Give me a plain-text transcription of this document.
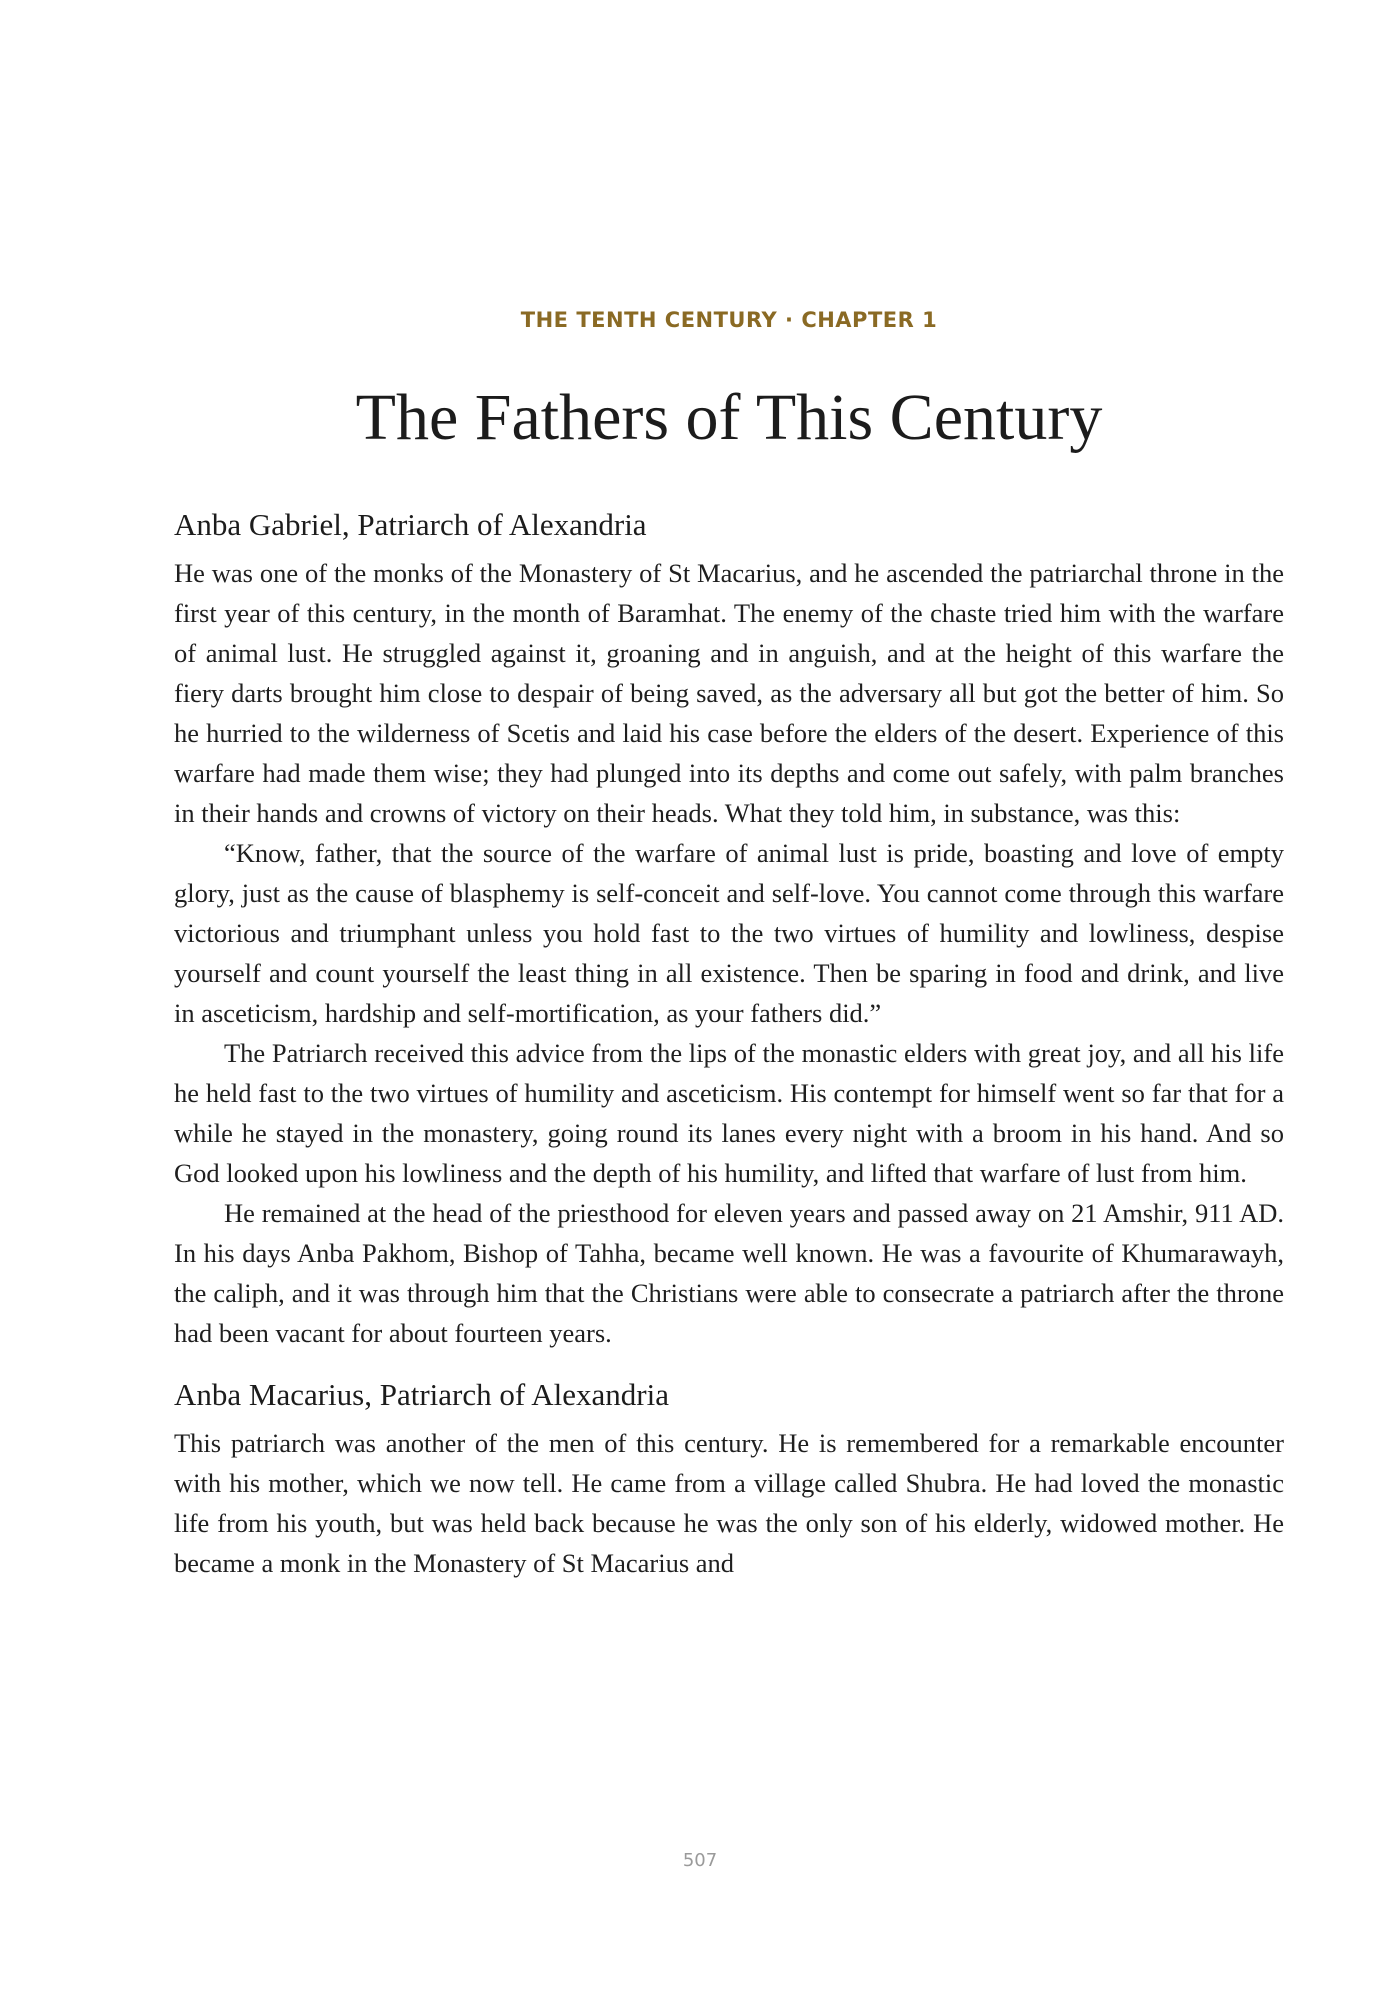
THE TENTH CENTURY · CHAPTER 1
The Fathers of This Century
Anba Gabriel, Patriarch of Alexandria

He was one of the monks of the Monastery of St Macarius, and he ascended the patriarchal throne in the first year of this century, in the month of Baramhat. The enemy of the chaste tried him with the warfare of animal lust. He struggled against it, groaning and in anguish, and at the height of this warfare the fiery darts brought him close to despair of being saved, as the adversary all but got the better of him. So he hurried to the wilderness of Scetis and laid his case before the elders of the desert. Experience of this warfare had made them wise; they had plunged into its depths and come out safely, with palm branches in their hands and crowns of victory on their heads. What they told him, in substance, was this:

“Know, father, that the source of the warfare of animal lust is pride, boasting and love of empty glory, just as the cause of blasphemy is self-conceit and self-love. You cannot come through this warfare victorious and triumphant unless you hold fast to the two virtues of humility and lowliness, despise yourself and count yourself the least thing in all existence. Then be sparing in food and drink, and live in asceticism, hardship and self-mortification, as your fathers did.”

The Patriarch received this advice from the lips of the monastic elders with great joy, and all his life he held fast to the two virtues of humility and asceticism. His contempt for himself went so far that for a while he stayed in the monastery, going round its lanes every night with a broom in his hand. And so God looked upon his lowliness and the depth of his humility, and lifted that warfare of lust from him.

He remained at the head of the priesthood for eleven years and passed away on 21 Amshir, 911 AD. In his days Anba Pakhom, Bishop of Tahha, became well known. He was a favourite of Khumarawayh, the caliph, and it was through him that the Christians were able to consecrate a patriarch after the throne had been vacant for about fourteen years.

Anba Macarius, Patriarch of Alexandria

This patriarch was another of the men of this century. He is remembered for a remarkable encounter with his mother, which we now tell. He came from a village called Shubra. He had loved the monastic life from his youth, but was held back because he was the only son of his elderly, widowed mother. He became a monk in the Monastery of St Macarius and

507
